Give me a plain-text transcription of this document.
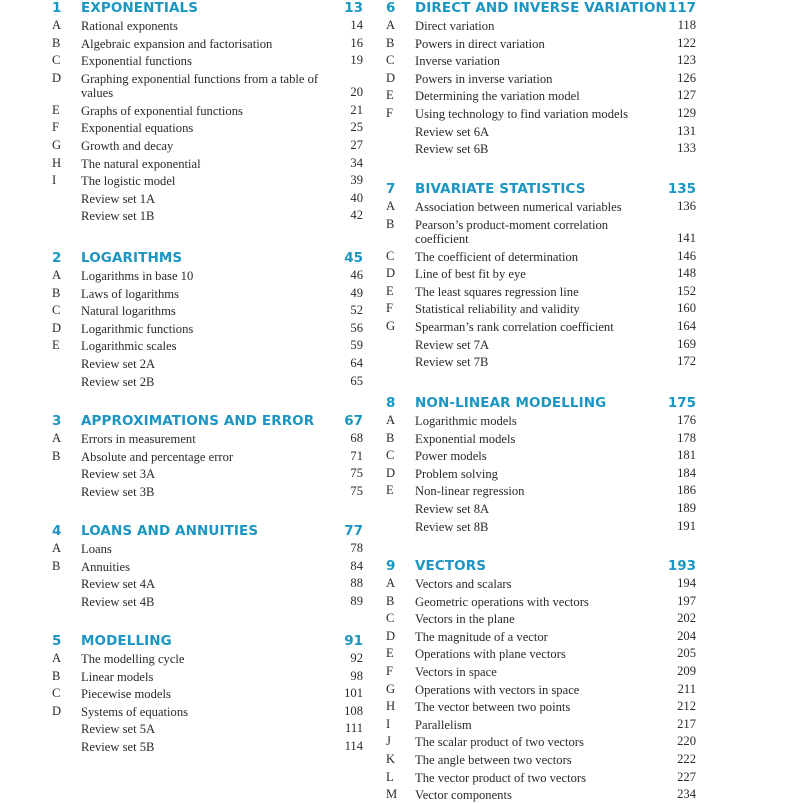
1 EXPONENTIALS	13
A	Rational exponents	14
B	Algebraic expansion and factorisation	16
C	Exponential functions	19
D	Graphing exponential functions from a table of values	20
E	Graphs of exponential functions	21
F	Exponential equations	25
G	Growth and decay	27
H	The natural exponential	34
I	The logistic model	39
Review set 1A	40
Review set 1B	42
2 LOGARITHMS	45
A	Logarithms in base 10	46
B	Laws of logarithms	49
C	Natural logarithms	52
D	Logarithmic functions	56
E	Logarithmic scales	59
Review set 2A	64
Review set 2B	65
3 APPROXIMATIONS AND ERROR 67
A	Errors in measurement	68
B	Absolute and percentage error	71
Review set 3A	75
Review set 3B	75
4 LOANS AND ANNUITIES	77
A	Loans	78
B	Annuities	84
Review set 4A	88
Review set 4B	89
5 MODELLING	91
A	The modelling cycle	92
B	Linear models	98
C	Piecewise models	101
D	Systems of equations	108
Review set 5A	111
Review set 5B	114
6 DIRECT AND INVERSE VARIATION 117
A	Direct variation	118
B	Powers in direct variation	122
C	Inverse variation	123
D	Powers in inverse variation	126
E	Determining the variation model	127
F	Using technology to find variation models	129
Review set 6A	131
Review set 6B	133
7 BIVARIATE STATISTICS	135
A	Association between numerical variables	136
B	Pearson’s product-moment correlation coefficient	141
C	The coefficient of determination	146
D	Line of best fit by eye	148
E	The least squares regression line	152
F	Statistical reliability and validity	160
G	Spearman’s rank correlation coefficient	164
Review set 7A	169
Review set 7B	172
8 NON-LINEAR MODELLING	175
A	Logarithmic models	176
B	Exponential models	178
C	Power models	181
D	Problem solving	184
E	Non-linear regression	186
Review set 8A	189
Review set 8B	191
9 VECTORS	193
A	Vectors and scalars	194
B	Geometric operations with vectors	197
C	Vectors in the plane	202
D	The magnitude of a vector	204
E	Operations with plane vectors	205
F	Vectors in space	209
G	Operations with vectors in space	211
H	The vector between two points	212
I	Parallelism	217
J	The scalar product of two vectors	220
K	The angle between two vectors	222
L	The vector product of two vectors	227
M	Vector components	234
